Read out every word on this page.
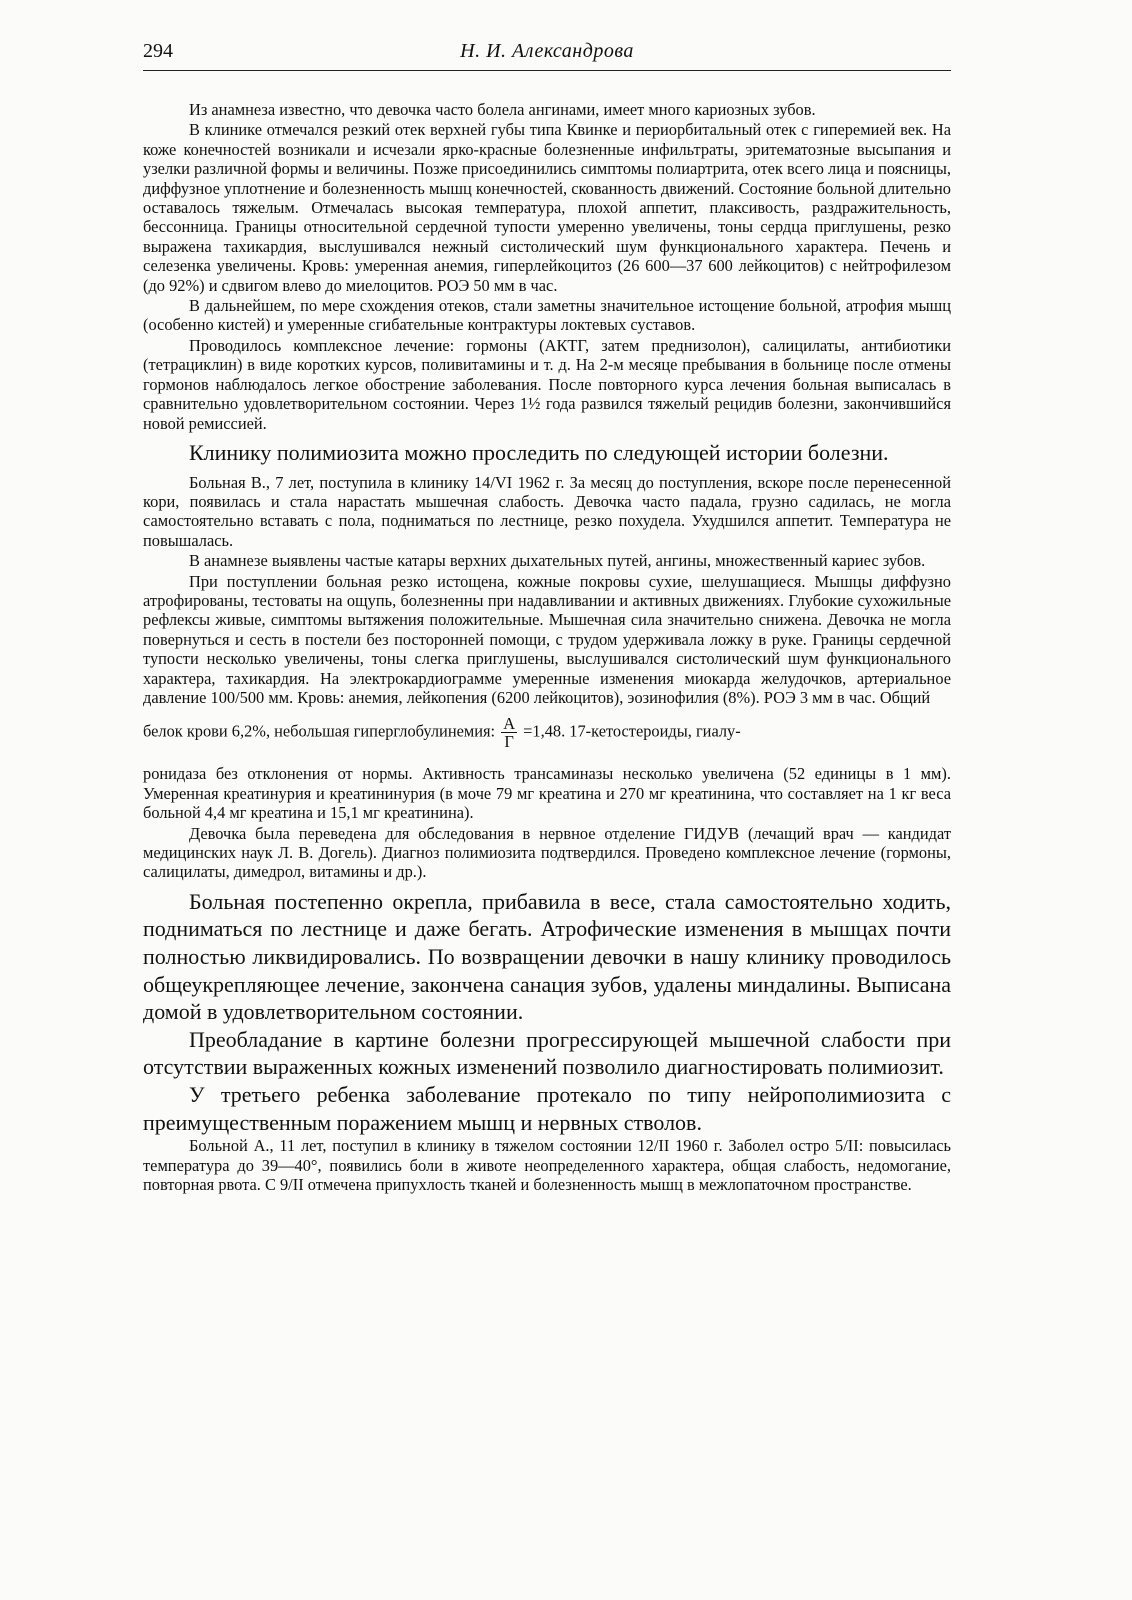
294	Н. И. Александрова

Из анамнеза известно, что девочка часто болела ангинами, имеет много кариозных зубов.

В клинике отмечался резкий отек верхней губы типа Квинке и периорбитальный отек с гиперемией век. На коже конечностей возникали и исчезали ярко-красные болезненные инфильтраты, эритематозные высыпания и узелки различной формы и величины. Позже присоединились симптомы полиартрита, отек всего лица и поясницы, диффузное уплотнение и болезненность мышц конечностей, скованность движений. Состояние больной длительно оставалось тяжелым. Отмечалась высокая температура, плохой аппетит, плаксивость, раздражительность, бессонница. Границы относительной сердечной тупости умеренно увеличены, тоны сердца приглушены, резко выражена тахикардия, выслушивался нежный систолический шум функционального характера. Печень и селезенка увеличены. Кровь: умеренная анемия, гиперлейкоцитоз (26 600—37 600 лейкоцитов) с нейтрофилезом (до 92%) и сдвигом влево до миелоцитов. РОЭ 50 мм в час.

В дальнейшем, по мере схождения отеков, стали заметны значительное истощение больной, атрофия мышц (особенно кистей) и умеренные сгибательные контрактуры локтевых суставов.

Проводилось комплексное лечение: гормоны (АКТГ, затем преднизолон), салицилаты, антибиотики (тетрациклин) в виде коротких курсов, поливитамины и т. д. На 2-м месяце пребывания в больнице после отмены гормонов наблюдалось легкое обострение заболевания. После повторного курса лечения больная выписалась в сравнительно удовлетворительном состоянии. Через 1½ года развился тяжелый рецидив болезни, закончившийся новой ремиссией.

Клинику полимиозита можно проследить по следующей истории болезни.

Больная В., 7 лет, поступила в клинику 14/VI 1962 г. За месяц до поступления, вскоре после перенесенной кори, появилась и стала нарастать мышечная слабость. Девочка часто падала, грузно садилась, не могла самостоятельно вставать с пола, подниматься по лестнице, резко похудела. Ухудшился аппетит. Температура не повышалась.

В анамнезе выявлены частые катары верхних дыхательных путей, ангины, множественный кариес зубов.

При поступлении больная резко истощена, кожные покровы сухие, шелушащиеся. Мышцы диффузно атрофированы, тестоваты на ощупь, болезненны при надавливании и активных движениях. Глубокие сухожильные рефлексы живые, симптомы вытяжения положительные. Мышечная сила значительно снижена. Девочка не могла повернуться и сесть в постели без посторонней помощи, с трудом удерживала ложку в руке. Границы сердечной тупости несколько увеличены, тоны слегка приглушены, выслушивался систолический шум функционального характера, тахикардия. На электрокардиограмме умеренные изменения миокарда желудочков, артериальное давление 100/500 мм. Кровь: анемия, лейкопения (6200 лейкоцитов), эозинофилия (8%). РОЭ 3 мм в час. Общий

белок крови 6,2%, небольшая гиперглобулинемия: $\frac{А}{Г} =1,48$. 17-кетостероиды, гиалу-

ронидаза без отклонения от нормы. Активность трансаминазы несколько увеличена (52 единицы в 1 мм). Умеренная креатинурия и креатининурия (в моче 79 мг креатина и 270 мг креатинина, что составляет на 1 кг веса больной 4,4 мг креатина и 15,1 мг креатинина).

Девочка была переведена для обследования в нервное отделение ГИДУВ (лечащий врач — кандидат медицинских наук Л. В. Догель). Диагноз полимиозита подтвердился. Проведено комплексное лечение (гормоны, салицилаты, димедрол, витамины и др.).

Больная постепенно окрепла, прибавила в весе, стала самостоятельно ходить, подниматься по лестнице и даже бегать. Атрофические изменения в мышцах почти полностью ликвидировались. По возвращении девочки в нашу клинику проводилось общеукрепляющее лечение, закончена санация зубов, удалены миндалины. Выписана домой в удовлетворительном состоянии.

Преобладание в картине болезни прогрессирующей мышечной слабости при отсутствии выраженных кожных изменений позволило диагностировать полимиозит.

У третьего ребенка заболевание протекало по типу нейрополимиозита с преимущественным поражением мышц и нервных стволов.

Больной А., 11 лет, поступил в клинику в тяжелом состоянии 12/II 1960 г. Заболел остро 5/II: повысилась температура до 39—40°, появились боли в животе неопределенного характера, общая слабость, недомогание, повторная рвота. С 9/II отмечена припухлость тканей и болезненность мышц в межлопаточном пространстве.
